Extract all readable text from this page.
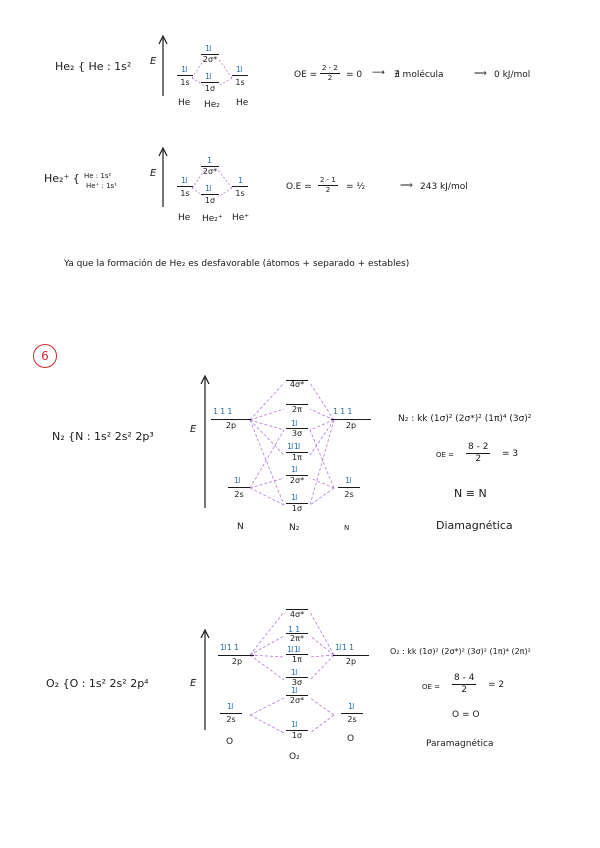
He₂ { He : 1s² E
1l
2σ*
1l
1s
1l
1s
1l
1σ
He He₂ He
OE = $\frac{2 - 2}{2} = 0$ ⟶ ∄ molécula	⟹ 0 kJ/mol
He₂⁺ { He : 1s²
He⁺ : 1s¹
E
1
2σ*
1l
1s
1
1s
1l
1σ
He He₂⁺ He⁺
$O.E = \frac{2 - 1}{2}$ = ½	⟹ 243 kJ/mol
Ya que la formación de He₂ es desfavorable (átomos + separado + estables)
6
N₂ {N : 1s² 2s² 2p³
E
1  1  1
2p
1  1  1
2p
1l
2s
1l
2s
4σ*
2π
1l
3σ
1l 1l
1π
1l
2σ*
1l
1σ
N	N₂	N
N₂ : kk (1σ)² (2σ*)² (1π)⁴ (3σ)²
OE = $\frac{8 - 2}{2} = 3$
N ≡ N
Diamagnética
O₂ {O : 1s² 2s² 2p⁴	E
1l 1  1
2p
1l 1  1
2p
1l
2s
1l
2s
4σ*
1  1
2π*
1l 1l
1π
1l
3σ
1l
2σ*
1l
1σ
O
O₂
O
O₂ : kk (1σ)² (2σ*)² (3σ)² (1π)⁴ (2π)²
OE = $\frac{8 - 4}{2} = 2$
O = O
Paramagnética
